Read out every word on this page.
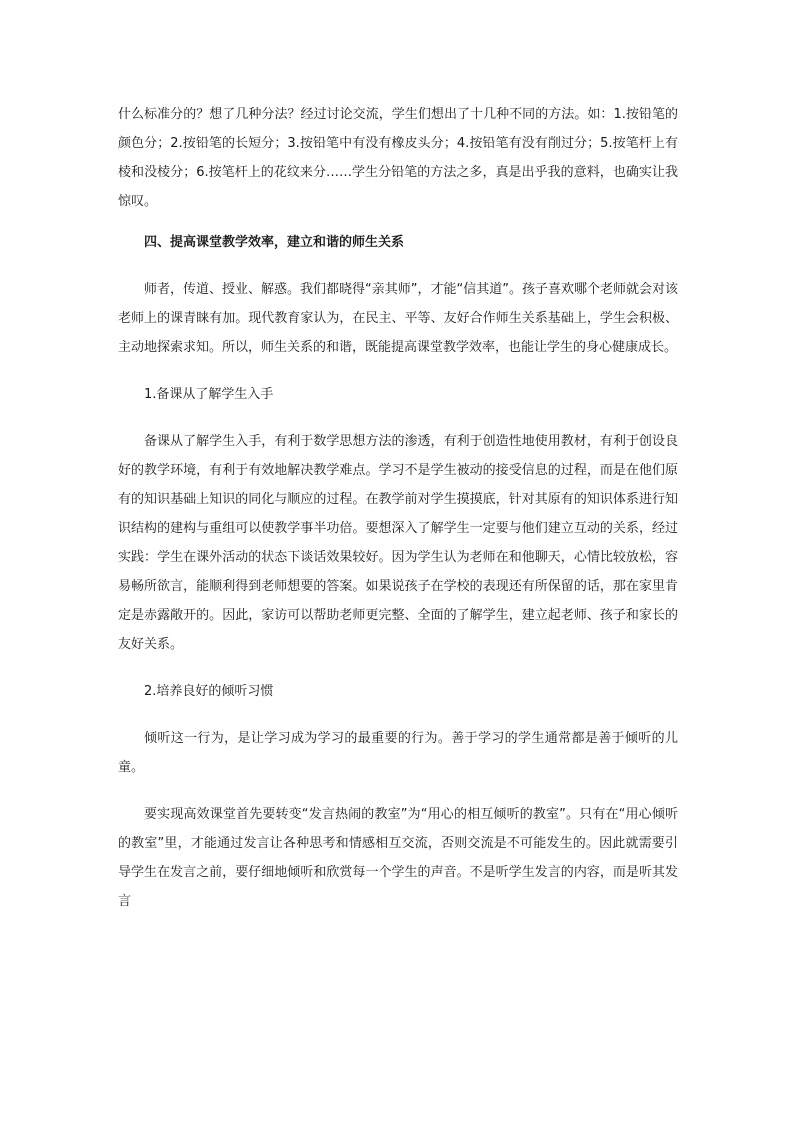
什么标准分的？想了几种分法？经过讨论交流，学生们想出了十几种不同的方法。如：1.按铅笔的颜色分；2.按铅笔的长短分；3.按铅笔中有没有橡皮头分；4.按铅笔有没有削过分；5.按笔杆上有棱和没棱分；6.按笔杆上的花纹来分……学生分铅笔的方法之多，真是出乎我的意料，也确实让我惊叹。

四、提高课堂教学效率，建立和谐的师生关系

师者，传道、授业、解惑。我们都晓得“亲其师”，才能“信其道”。孩子喜欢哪个老师就会对该老师上的课青睐有加。现代教育家认为，在民主、平等、友好合作师生关系基础上，学生会积极、主动地探索求知。所以，师生关系的和谐，既能提高课堂教学效率，也能让学生的身心健康成长。

1.备课从了解学生入手

备课从了解学生入手，有利于数学思想方法的渗透，有利于创造性地使用教材，有利于创设良好的教学环境，有利于有效地解决教学难点。学习不是学生被动的接受信息的过程，而是在他们原有的知识基础上知识的同化与顺应的过程。在教学前对学生摸摸底，针对其原有的知识体系进行知识结构的建构与重组可以使教学事半功倍。要想深入了解学生一定要与他们建立互动的关系，经过实践：学生在课外活动的状态下谈话效果较好。因为学生认为老师在和他聊天，心情比较放松，容易畅所欲言，能顺利得到老师想要的答案。如果说孩子在学校的表现还有所保留的话，那在家里肯定是赤露敞开的。因此，家访可以帮助老师更完整、全面的了解学生，建立起老师、孩子和家长的友好关系。

2.培养良好的倾听习惯

倾听这一行为，是让学习成为学习的最重要的行为。善于学习的学生通常都是善于倾听的儿童。

要实现高效课堂首先要转变“发言热闹的教室”为“用心的相互倾听的教室”。只有在“用心倾听的教室”里，才能通过发言让各种思考和情感相互交流，否则交流是不可能发生的。因此就需要引导学生在发言之前，要仔细地倾听和欣赏每一个学生的声音。不是听学生发言的内容，而是听其发言
